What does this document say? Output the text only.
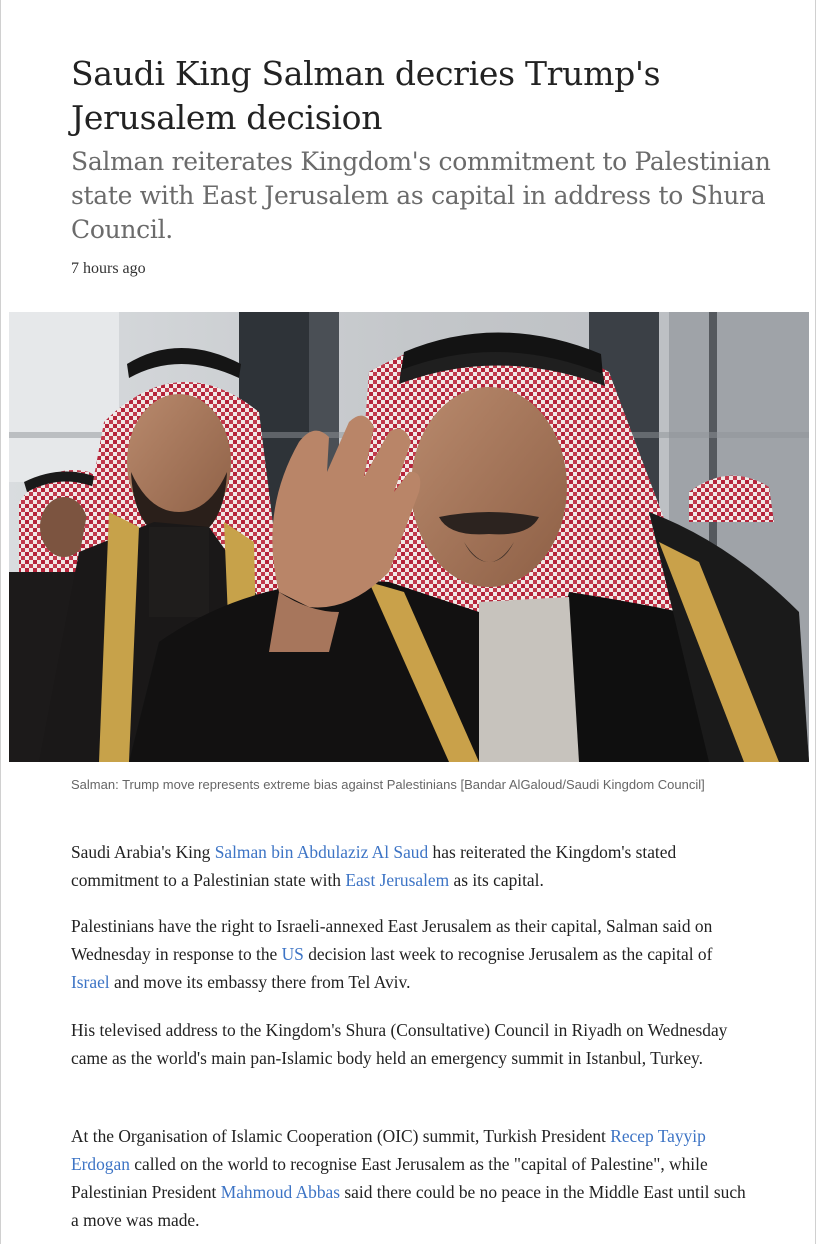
Saudi King Salman decries Trump's Jerusalem decision
Salman reiterates Kingdom's commitment to Palestinian state with East Jerusalem as capital in address to Shura Council.
7 hours ago
Salman: Trump move represents extreme bias against Palestinians [Bandar AlGaloud/Saudi Kingdom Council]

Saudi Arabia's King Salman bin Abdulaziz Al Saud has reiterated the Kingdom's stated commitment to a Palestinian state with East Jerusalem as its capital.

Palestinians have the right to Israeli-annexed East Jerusalem as their capital, Salman said on Wednesday in response to the US decision last week to recognise Jerusalem as the capital of Israel and move its embassy there from Tel Aviv.

His televised address to the Kingdom's Shura (Consultative) Council in Riyadh on Wednesday came as the world's main pan-Islamic body held an emergency summit in Istanbul, Turkey.

At the Organisation of Islamic Cooperation (OIC) summit, Turkish President Recep Tayyip Erdogan called on the world to recognise East Jerusalem as the "capital of Palestine", while Palestinian President Mahmoud Abbas said there could be no peace in the Middle East until such a move was made.
